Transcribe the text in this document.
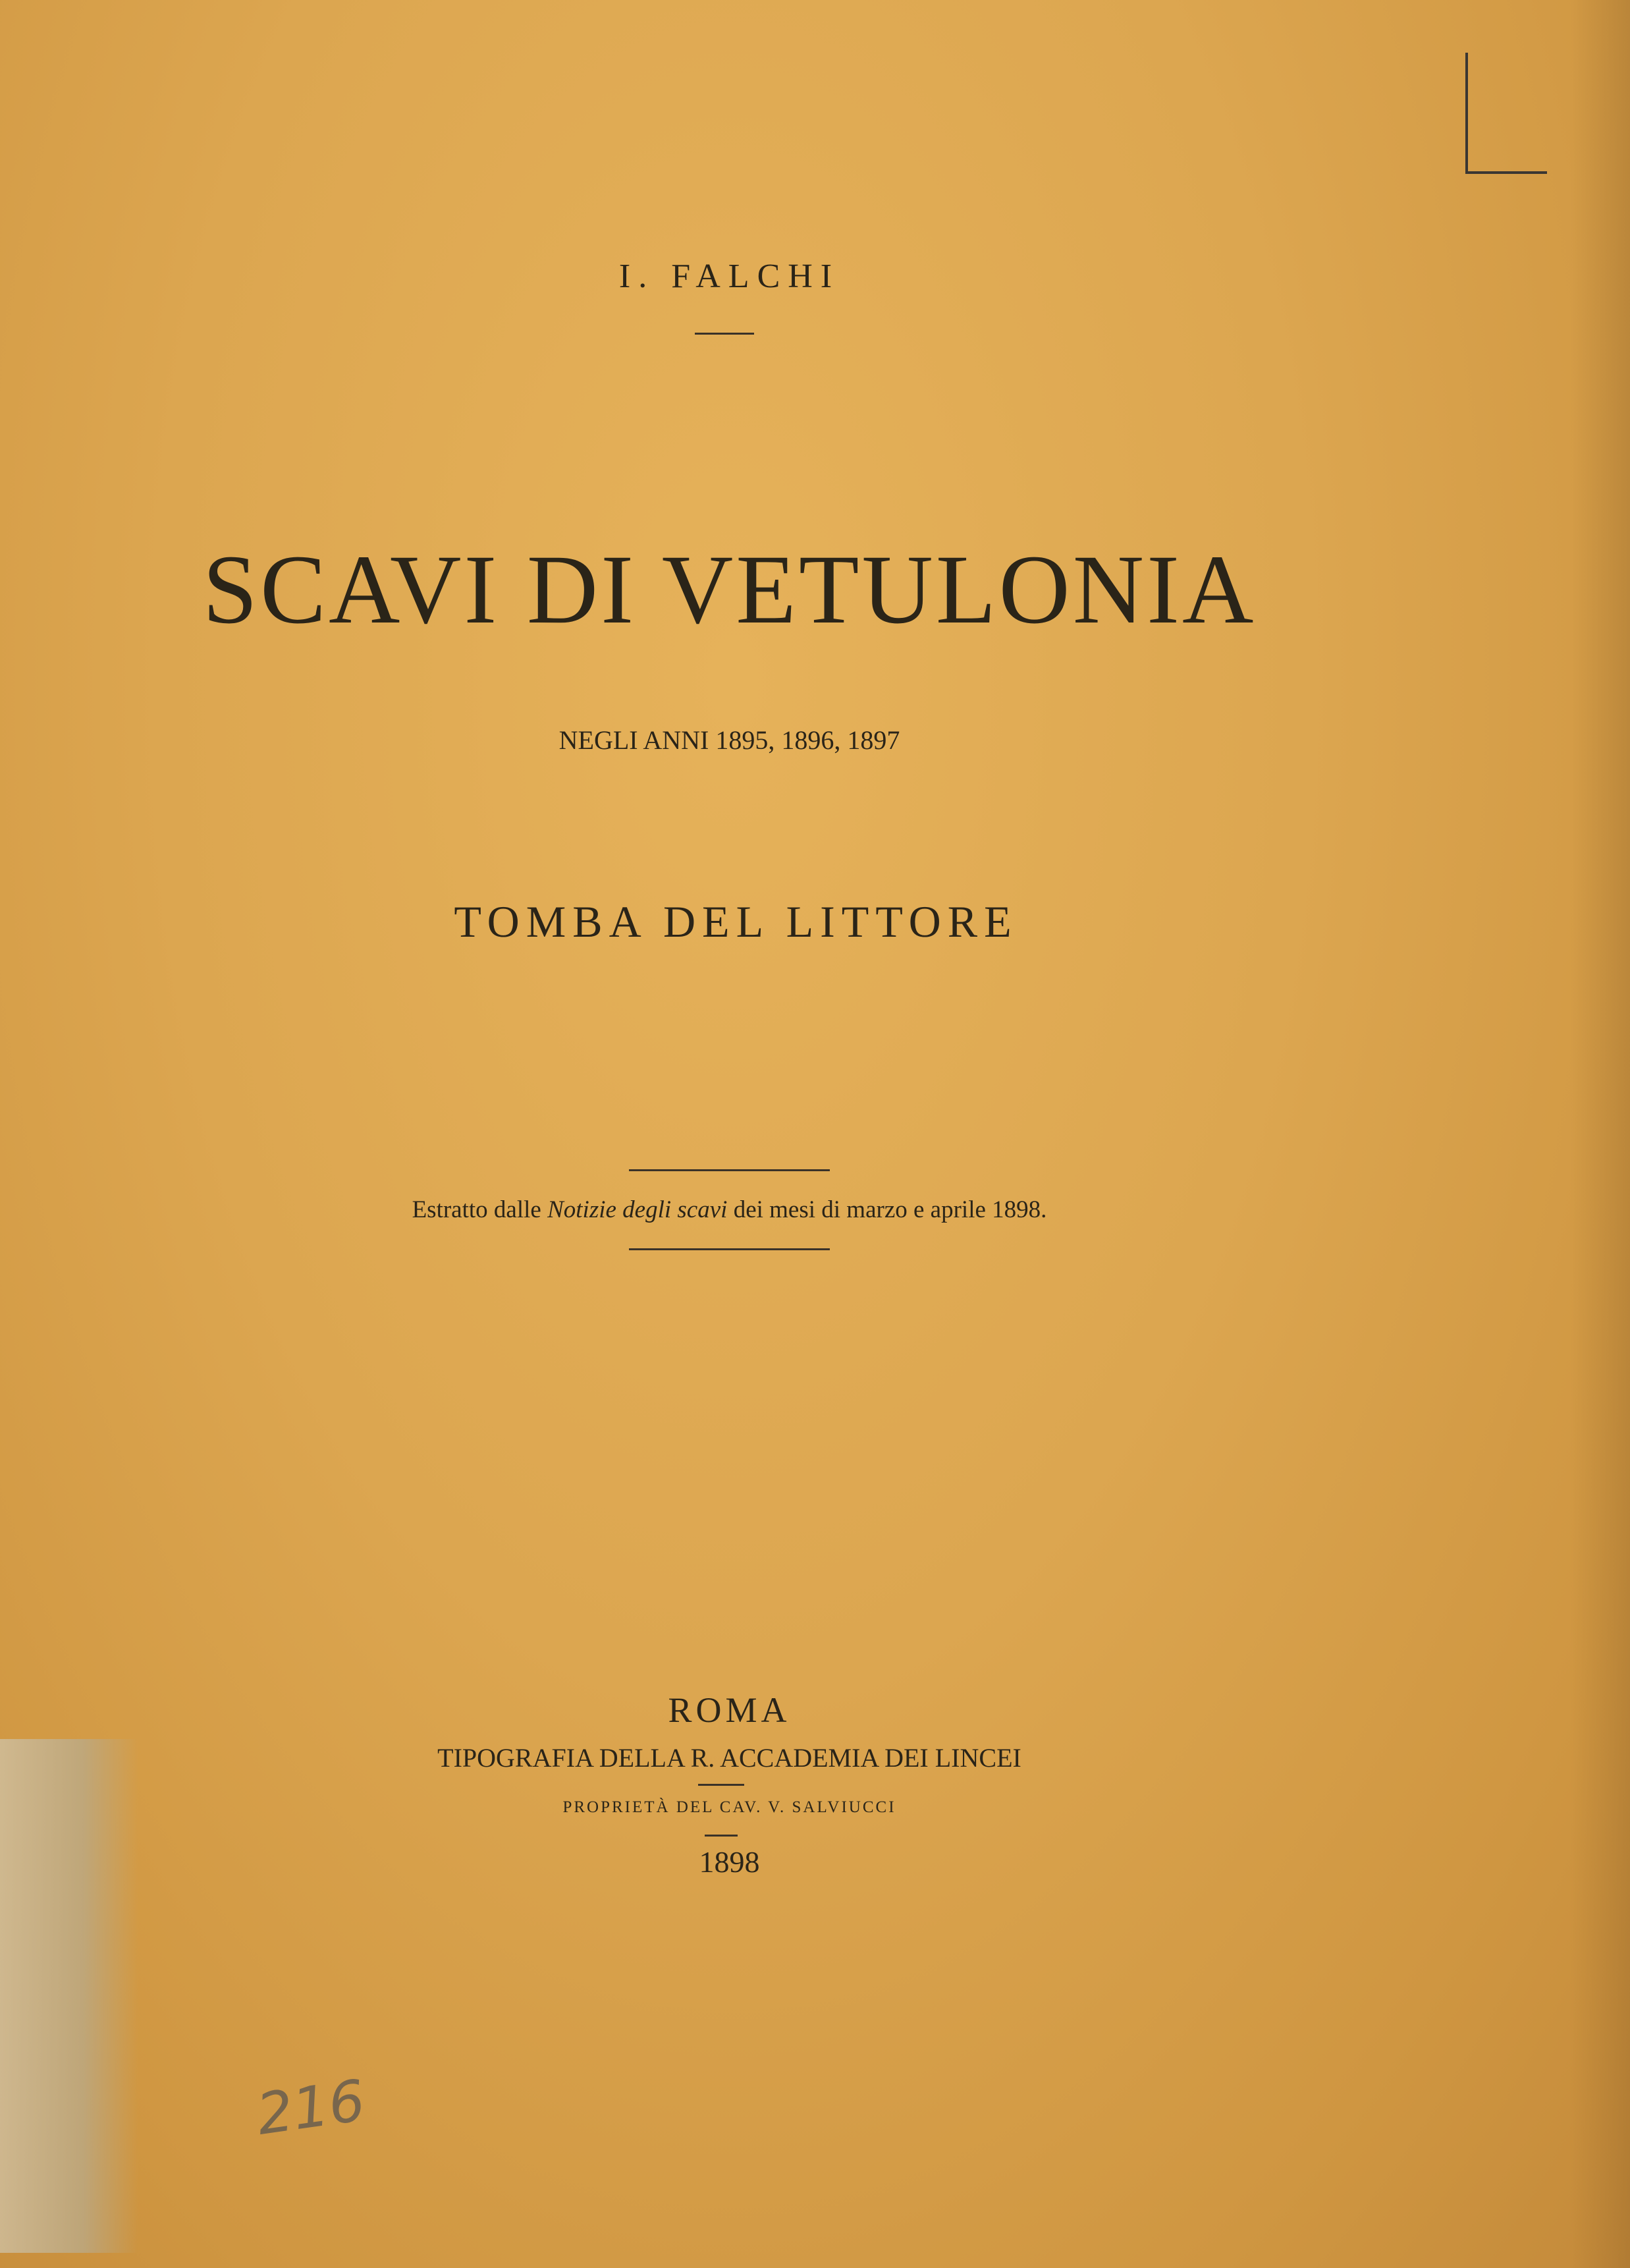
216
I. FALCHI
SCAVI DI VETULONIA
NEGLI ANNI 1895, 1896, 1897
TOMBA DEL LITTORE
Estratto dalle Notizie degli scavi dei mesi di marzo e aprile 1898.
ROMA
TIPOGRAFIA DELLA R. ACCADEMIA DEI LINCEI
PROPRIETÀ DEL CAV. V. SALVIUCCI
1898
